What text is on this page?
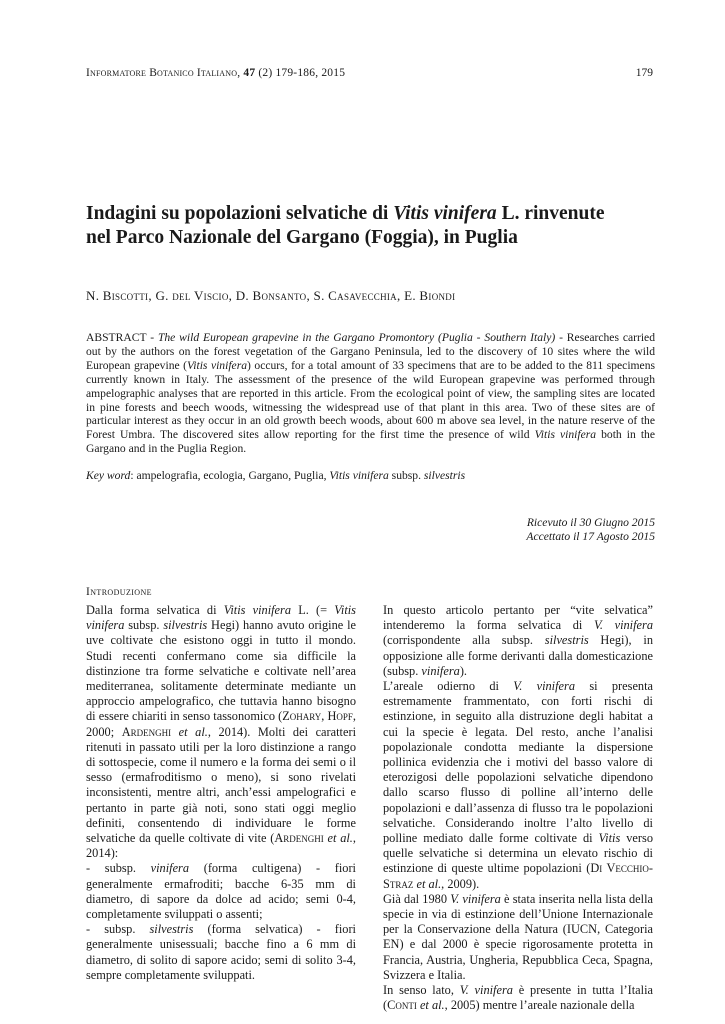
Informatore Botanico Italiano, 47 (2) 179-186, 2015	179
Indagini su popolazioni selvatiche di Vitis vinifera L. rinvenute
nel Parco Nazionale del Gargano (Foggia), in Puglia
N. Biscotti, G. del Viscio, D. Bonsanto, S. Casavecchia, E. Biondi
ABSTRACT - The wild European grapevine in the Gargano Promontory (Puglia - Southern Italy) - Researches carried out by the authors on the forest vegetation of the Gargano Peninsula, led to the discovery of 10 sites where the wild European grapevine (Vitis vinifera) occurs, for a total amount of 33 specimens that are to be added to the 811 specimens currently known in Italy. The assessment of the presence of the wild European grapevine was performed through ampelographic analyses that are reported in this article. From the ecological point of view, the sampling sites are located in pine forests and beech woods, witnessing the widespread use of that plant in this area. Two of these sites are of particular interest as they occur in an old growth beech woods, about 600 m above sea level, in the nature reserve of the Forest Umbra. The discovered sites allow reporting for the first time the presence of wild Vitis vinifera both in the Gargano and in the Puglia Region.
Key word: ampelografia, ecologia, Gargano, Puglia, Vitis vinifera subsp. silvestris
Ricevuto il 30 Giugno 2015
Accettato il 17 Agosto 2015
Introduzione

Dalla forma selvatica di Vitis vinifera L. (= Vitis vinifera subsp. silvestris Hegi) hanno avuto origine le uve coltivate che esistono oggi in tutto il mondo. Studi recenti confermano come sia difficile la distinzione tra forme selvatiche e coltivate nell’area mediterranea, solitamente determinate mediante un approccio ampelografico, che tuttavia hanno bisogno di essere chiariti in senso tassonomico (Zohary, Hopf, 2000; Ardenghi et al., 2014). Molti dei caratteri ritenuti in passato utili per la loro distinzione a rango di sottospecie, come il numero e la forma dei semi o il sesso (ermafroditismo o meno), si sono rivelati inconsistenti, mentre altri, anch’essi ampelografici e pertanto in parte già noti, sono stati oggi meglio definiti, consentendo di individuare le forme selvatiche da quelle coltivate di vite (Ardenghi et al., 2014):

- subsp. vinifera (forma cultigena) - fiori generalmente ermafroditi; bacche 6-35 mm di diametro, di sapore da dolce ad acido; semi 0-4, completamente sviluppati o assenti;

- subsp. silvestris (forma selvatica) - fiori generalmente unisessuali; bacche fino a 6 mm di diametro, di solito di sapore acido; semi di solito 3-4, sempre completamente sviluppati.

In questo articolo pertanto per “vite selvatica” intenderemo la forma selvatica di V. vinifera (corrispondente alla subsp. silvestris Hegi), in opposizione alle forme derivanti dalla domesticazione (subsp. vinifera).

L’areale odierno di V. vinifera si presenta estremamente frammentato, con forti rischi di estinzione, in seguito alla distruzione degli habitat a cui la specie è legata. Del resto, anche l’analisi popolazionale condotta mediante la dispersione pollinica evidenzia che i motivi del basso valore di eterozigosi delle popolazioni selvatiche dipendono dallo scarso flusso di polline all’interno delle popolazioni e dall’assenza di flusso tra le popolazioni selvatiche. Considerando inoltre l’alto livello di polline mediato dalle forme coltivate di Vitis verso quelle selvatiche si determina un elevato rischio di estinzione di queste ultime popolazioni (Di Vecchio-Straz et al., 2009).

Già dal 1980 V. vinifera è stata inserita nella lista della specie in via di estinzione dell’Unione Internazionale per la Conservazione della Natura (IUCN, Categoria EN) e dal 2000 è specie rigorosamente protetta in Francia, Austria, Ungheria, Repubblica Ceca, Spagna, Svizzera e Italia.

In senso lato, V. vinifera è presente in tutta l’Italia (Conti et al., 2005) mentre l’areale nazionale della
